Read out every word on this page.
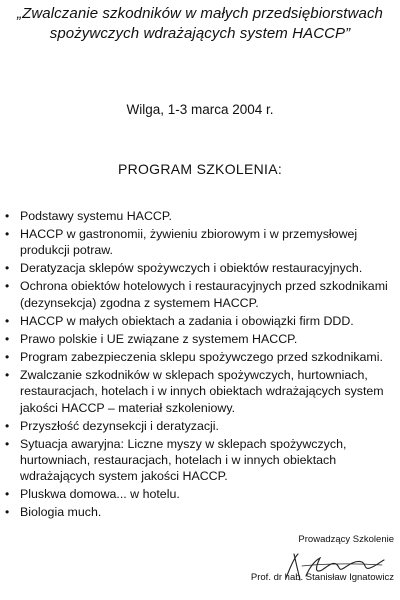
„Zwalczanie szkodników w małych przedsiębiorstwach
spożywczych wdrażających system HACCP”
Wilga, 1-3 marca 2004 r.
PROGRAM SZKOLENIA:
• Podstawy systemu HACCP.
• HACCP w gastronomii, żywieniu zbiorowym i w przemysłowej
produkcji potraw.
• Deratyzacja sklepów spożywczych i obiektów restauracyjnych.
• Ochrona obiektów hotelowych i restauracyjnych przed szkodnikami
(dezynsekcja) zgodna z systemem HACCP.
• HACCP w małych obiektach a zadania i obowiązki firm DDD.
• Prawo polskie i UE związane z systemem HACCP.
• Program zabezpieczenia sklepu spożywczego przed szkodnikami.
• Zwalczanie szkodników w sklepach spożywczych, hurtowniach,
restauracjach, hotelach i w innych obiektach wdrażających system
jakości HACCP – materiał szkoleniowy.
• Przyszłość dezynsekcji i deratyzacji.
• Sytuacja awaryjna: Liczne myszy w sklepach spożywczych,
hurtowniach, restauracjach, hotelach i w innych obiektach
wdrażających system jakości HACCP.
• Pluskwa domowa... w hotelu.
• Biologia much.
Prowadzący Szkolenie
Prof. dr hab. Stanisław Ignatowicz
